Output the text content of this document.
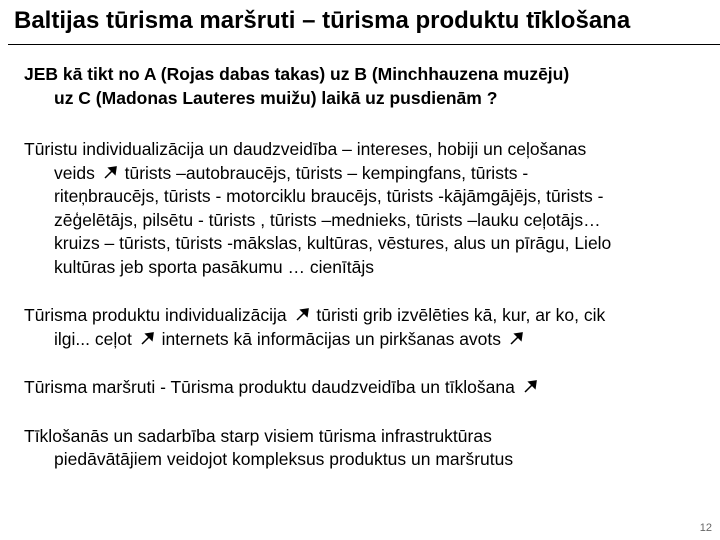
Baltijas tūrisma maršruti – tūrisma produktu tīklošana

JEB kā tikt no A (Rojas dabas takas) uz B (Minchhauzena muzēju)
uz C (Madonas Lauteres muižu) laikā uz pusdienām ?

Tūristu individualizācija un daudzveidība – intereses, hobiji un ceļošanas
veids tūrists –autobraucējs, tūrists – kempingfans, tūrists -
riteņbraucējs, tūrists - motorciklu braucējs, tūrists -kājāmgājējs, tūrists -
zēģelētājs, pilsētu - tūrists , tūrists –mednieks, tūrists –lauku ceļotājs…
kruizs – tūrists, tūrists -mākslas, kultūras, vēstures, alus un pīrāgu, Lielo
kultūras jeb sporta pasākumu … cienītājs

Tūrisma produktu individualizācija tūristi grib izvēlēties kā, kur, ar ko, cik
ilgi... ceļot internets kā informācijas un pirkšanas avots

Tūrisma maršruti - Tūrisma produktu daudzveidība un tīklošana

Tīklošanās un sadarbība starp visiem tūrisma infrastruktūras
piedāvātājiem veidojot kompleksus produktus un maršrutus

12
